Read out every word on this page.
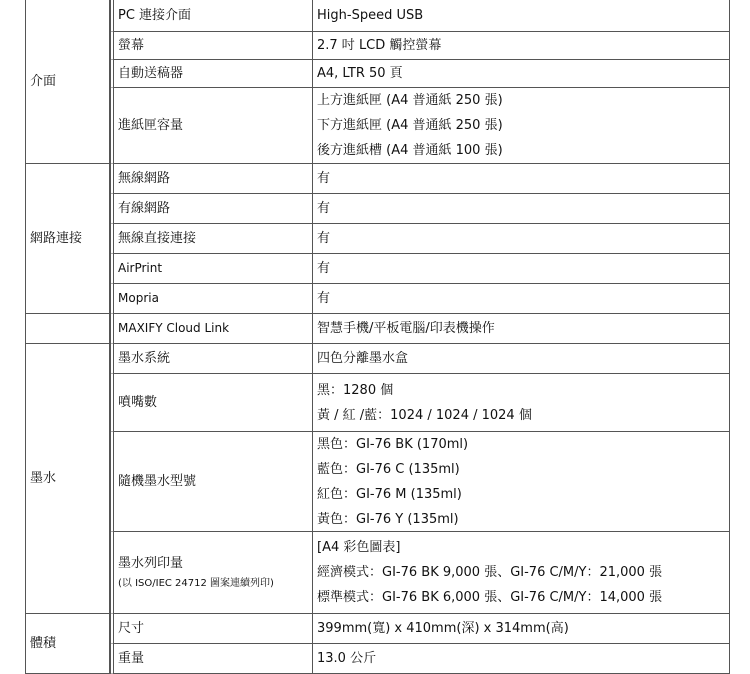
介面
網路連接
墨水
體積
PC 連接介面
螢幕
自動送稿器
進紙匣容量
無線網路
有線網路
無線直接連接
AirPrint
Mopria
MAXIFY Cloud Link
墨水系統
噴嘴數
隨機墨水型號
墨水列印量
(以 ISO/IEC 24712 圖案連續列印)
尺寸
重量
High-Speed USB
2.7 吋 LCD 觸控螢幕
A4, LTR 50 頁
上方進紙匣 (A4 普通紙 250 張)
下方進紙匣 (A4 普通紙 250 張)
後方進紙槽 (A4 普通紙 100 張)
有
有
有
有
有
智慧手機/平板電腦/印表機操作
四色分離墨水盒
黑：1280 個
黃 / 紅 /藍：1024 / 1024 / 1024 個
黑色：GI-76 BK (170ml)
藍色：GI-76 C (135ml)
紅色：GI-76 M (135ml)
黃色：GI-76 Y (135ml)
[A4 彩色圖表]
經濟模式：GI-76 BK 9,000 張、GI-76 C/M/Y：21,000 張
標準模式：GI-76 BK 6,000 張、GI-76 C/M/Y：14,000 張
399mm(寬) x 410mm(深) x 314mm(高)
13.0 公斤
